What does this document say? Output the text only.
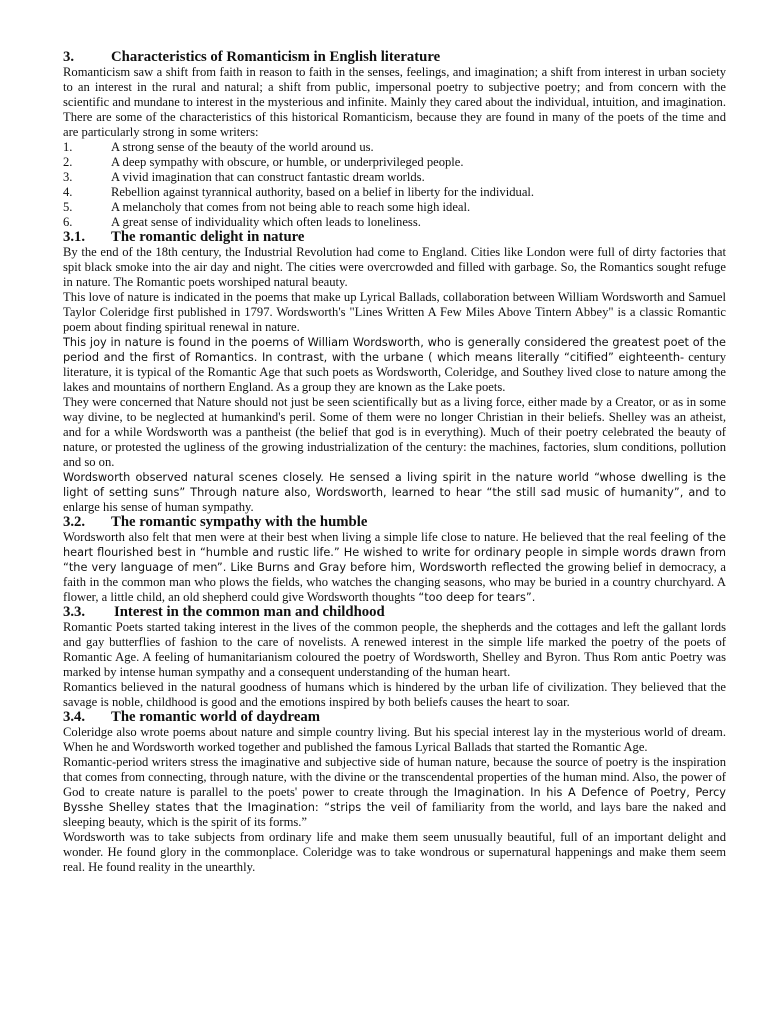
3.	Characteristics of Romanticism in English literature

Romanticism saw a shift from faith in reason to faith in the senses, feelings, and imagination; a shift from interest in urban society to an interest in the rural and natural; a shift from public, impersonal poetry to subjective poetry; and from concern with the scientific and mundane to interest in the mysterious and infinite. Mainly they cared about the individual, intuition, and imagination. There are some of the characteristics of this historical Romanticism, because they are found in many of the poets of the time and are particularly strong in some writers:

1.	A strong sense of the beauty of the world around us.
2.	A deep sympathy with obscure, or humble, or underprivileged people.
3.	A vivid imagination that can construct fantastic dream worlds.
4.	Rebellion against tyrannical authority, based on a belief in liberty for the individual.
5.	A melancholy that comes from not being able to reach some high ideal.
6.	A great sense of individuality which often leads to loneliness.
3.1.	The romantic delight in nature

By the end of the 18th century, the Industrial Revolution had come to England. Cities like London were full of dirty factories that spit black smoke into the air day and night. The cities were overcrowded and filled with garbage. So, the Romantics sought refuge in nature. The Romantic poets worshiped natural beauty.

This love of nature is indicated in the poems that make up Lyrical Ballads, collaboration between William Wordsworth and Samuel Taylor Coleridge first published in 1797. Wordsworth's "Lines Written A Few Miles Above Tintern Abbey" is a classic Romantic poem about finding spiritual renewal in nature.

This joy in nature is found in the poems of William Wordsworth, who is generally considered the greatest poet of the period and the first of Romantics. In contrast, with the urbane ( which means literally “citified” eighteenth- century literature, it is typical of the Romantic Age that such poets as Wordsworth, Coleridge, and Southey lived close to nature among the lakes and mountains of northern England. As a group they are known as the Lake poets.

They were concerned that Nature should not just be seen scientifically but as a living force, either made by a Creator, or as in some way divine, to be neglected at humankind's peril. Some of them were no longer Christian in their beliefs. Shelley was an atheist, and for a while Wordsworth was a pantheist (the belief that god is in everything). Much of their poetry celebrated the beauty of nature, or protested the ugliness of the growing industrialization of the century: the machines, factories, slum conditions, pollution and so on.

Wordsworth observed natural scenes closely. He sensed a living spirit in the nature world “whose dwelling is the light of setting suns” Through nature also, Wordsworth, learned to hear “the still sad music of humanity”, and to enlarge his sense of human sympathy.

3.2.	The romantic sympathy with the humble

Wordsworth also felt that men were at their best when living a simple life close to nature. He believed that the real feeling of the heart flourished best in “humble and rustic life.” He wished to write for ordinary people in simple words drawn from “the very language of men”. Like Burns and Gray before him, Wordsworth reflected the growing belief in democracy, a faith in the common man who plows the fields, who watches the changing seasons, who may be buried in a country churchyard. A flower, a little child, an old shepherd could give Wordsworth thoughts “too deep for tears”.

3.3.	Interest in the common man and childhood

Romantic Poets started taking interest in the lives of the common people, the shepherds and the cottages and left the gallant lords and gay butterflies of fashion to the care of novelists. A renewed interest in the simple life marked the poetry of the poets of Romantic Age. A feeling of humanitarianism coloured the poetry of Wordsworth, Shelley and Byron. Thus Rom antic Poetry was marked by intense human sympathy and a consequent understanding of the human heart.

Romantics believed in the natural goodness of humans which is hindered by the urban life of civilization. They believed that the savage is noble, childhood is good and the emotions inspired by both beliefs causes the heart to soar.

3.4.	The romantic world of daydream

Coleridge also wrote poems about nature and simple country living. But his special interest lay in the mysterious world of dream. When he and Wordsworth worked together and published the famous Lyrical Ballads that started the Romantic Age.

Romantic-period writers stress the imaginative and subjective side of human nature, because the source of poetry is the inspiration that comes from connecting, through nature, with the divine or the transcendental properties of the human mind. Also, the power of God to create nature is parallel to the poets' power to create through the Imagination. In his A Defence of Poetry, Percy Bysshe Shelley states that the Imagination: “strips the veil of familiarity from the world, and lays bare the naked and sleeping beauty, which is the spirit of its forms.”

Wordsworth was to take subjects from ordinary life and make them seem unusually beautiful, full of an important delight and wonder. He found glory in the commonplace. Coleridge was to take wondrous or supernatural happenings and make them seem real. He found reality in the unearthly.
